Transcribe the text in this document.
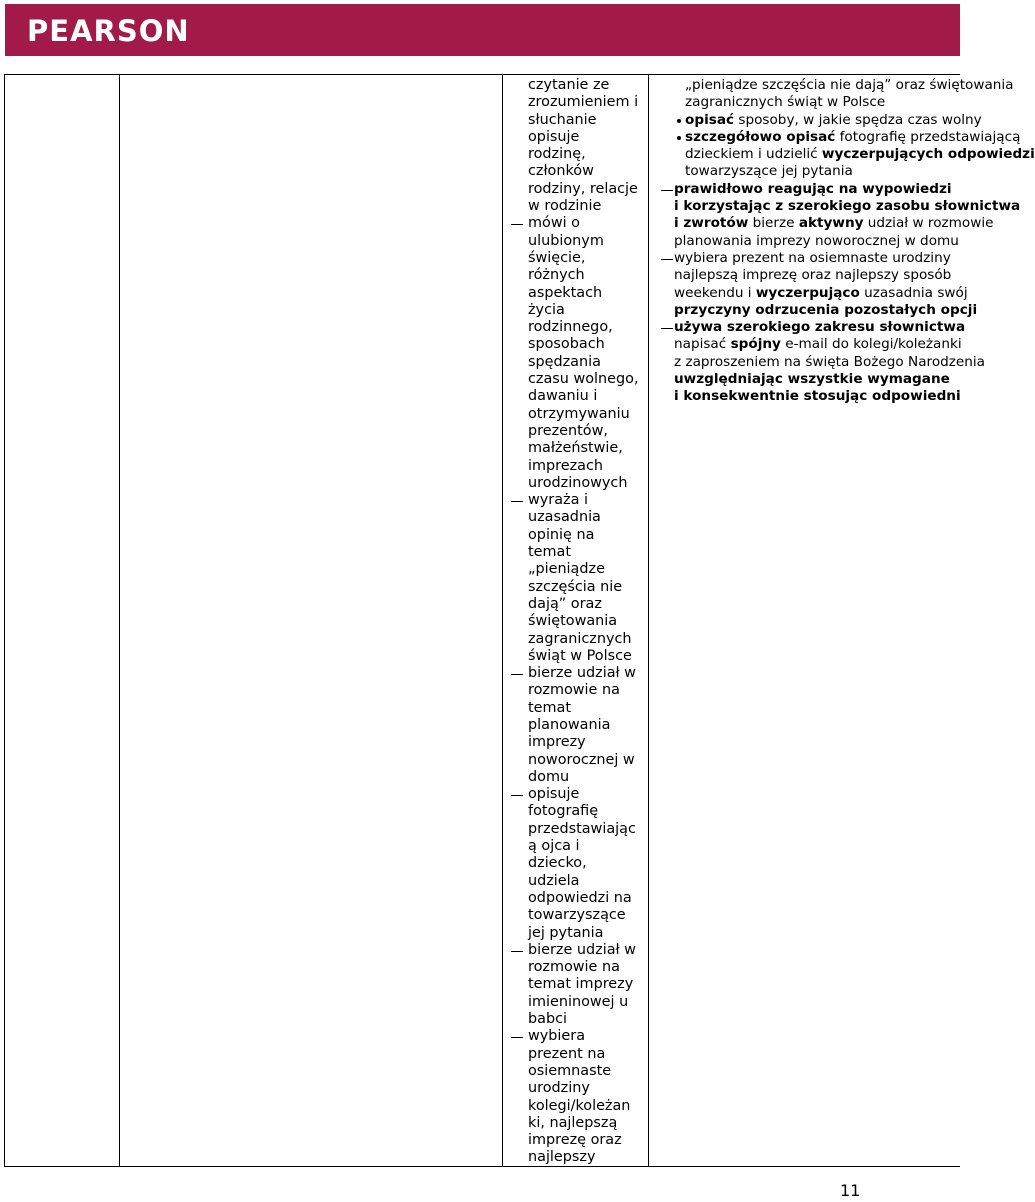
PEARSON
czytanie ze
zrozumieniem i
słuchanie
opisuje
rodzinę,
członków
rodziny, relacje
w rodzinie
mówi o
ulubionym
święcie,
różnych
aspektach
życia
rodzinnego,
sposobach
spędzania
czasu wolnego,
dawaniu i
otrzymywaniu
prezentów,
małżeństwie,
imprezach
urodzinowych
wyraża i
uzasadnia
opinię na
temat
„pieniądze
szczęścia nie
dają” oraz
świętowania
zagranicznych
świąt w Polsce
bierze udział w
rozmowie na
temat
planowania
imprezy
noworocznej w
domu
opisuje
fotografię
przedstawiając
ą ojca i
dziecko,
udziela
odpowiedzi na
towarzyszące
jej pytania
bierze udział w
rozmowie na
temat imprezy
imieninowej u
babci
wybiera
prezent na
osiemnaste
urodziny
kolegi/koleżan
ki, najlepszą
imprezę oraz
najlepszy
„pieniądze szczęścia nie dają” oraz świętowania
zagranicznych świąt w Polsce
opisać sposoby, w jakie spędza czas wolny
szczegółowo opisać fotografię przedstawiającą
dzieckiem i udzielić wyczerpujących odpowiedzi
towarzyszące jej pytania
prawidłowo reagując na wypowiedzi
i korzystając z szerokiego zasobu słownictwa
i zwrotów bierze aktywny udział w rozmowie
planowania imprezy noworocznej w domu
wybiera prezent na osiemnaste urodziny
najlepszą imprezę oraz najlepszy sposób
weekendu i wyczerpująco uzasadnia swój
przyczyny odrzucenia pozostałych opcji
używa szerokiego zakresu słownictwa
napisać spójny e-mail do kolegi/koleżanki
z zaproszeniem na święta Bożego Narodzenia
uwzględniając wszystkie wymagane
i konsekwentnie stosując odpowiedni
11
